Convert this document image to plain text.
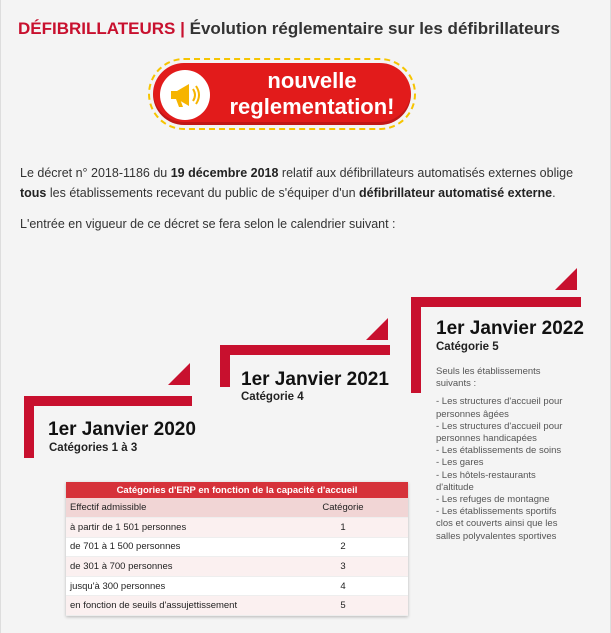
DÉFIBRILLATEURS | Évolution réglementaire sur les défibrillateurs
nouvelle
reglementation!

Le décret n° 2018-1186 du 19 décembre 2018 relatif aux défibrillateurs automatisés externes oblige tous les établissements recevant du public de s'équiper d'un défibrillateur automatisé externe.

L'entrée en vigueur de ce décret se fera selon le calendrier suivant :

1er Janvier 2020
Catégories 1 à 3
1er Janvier 2021
Catégorie 4
1er Janvier 2022
Catégorie 5
Seuls les établissements
suivants :

- Les structures d'accueil pour
personnes âgées
- Les structures d'accueil pour
personnes handicapées
- Les établissements de soins
- Les gares
- Les hôtels-restaurants
d'altitude
- Les refuges de montagne
- Les établissements sportifs
clos et couverts ainsi que les
salles polyvalentes sportives
Catégories d'ERP en fonction de la capacité d'accueil	
Effectif admissible	Catégorie
à partir de 1 501 personnes	1
de 701 à 1 500 personnes	2
de 301 à 700 personnes	3
jusqu'à 300 personnes	4
en fonction de seuils d'assujettissement	5
